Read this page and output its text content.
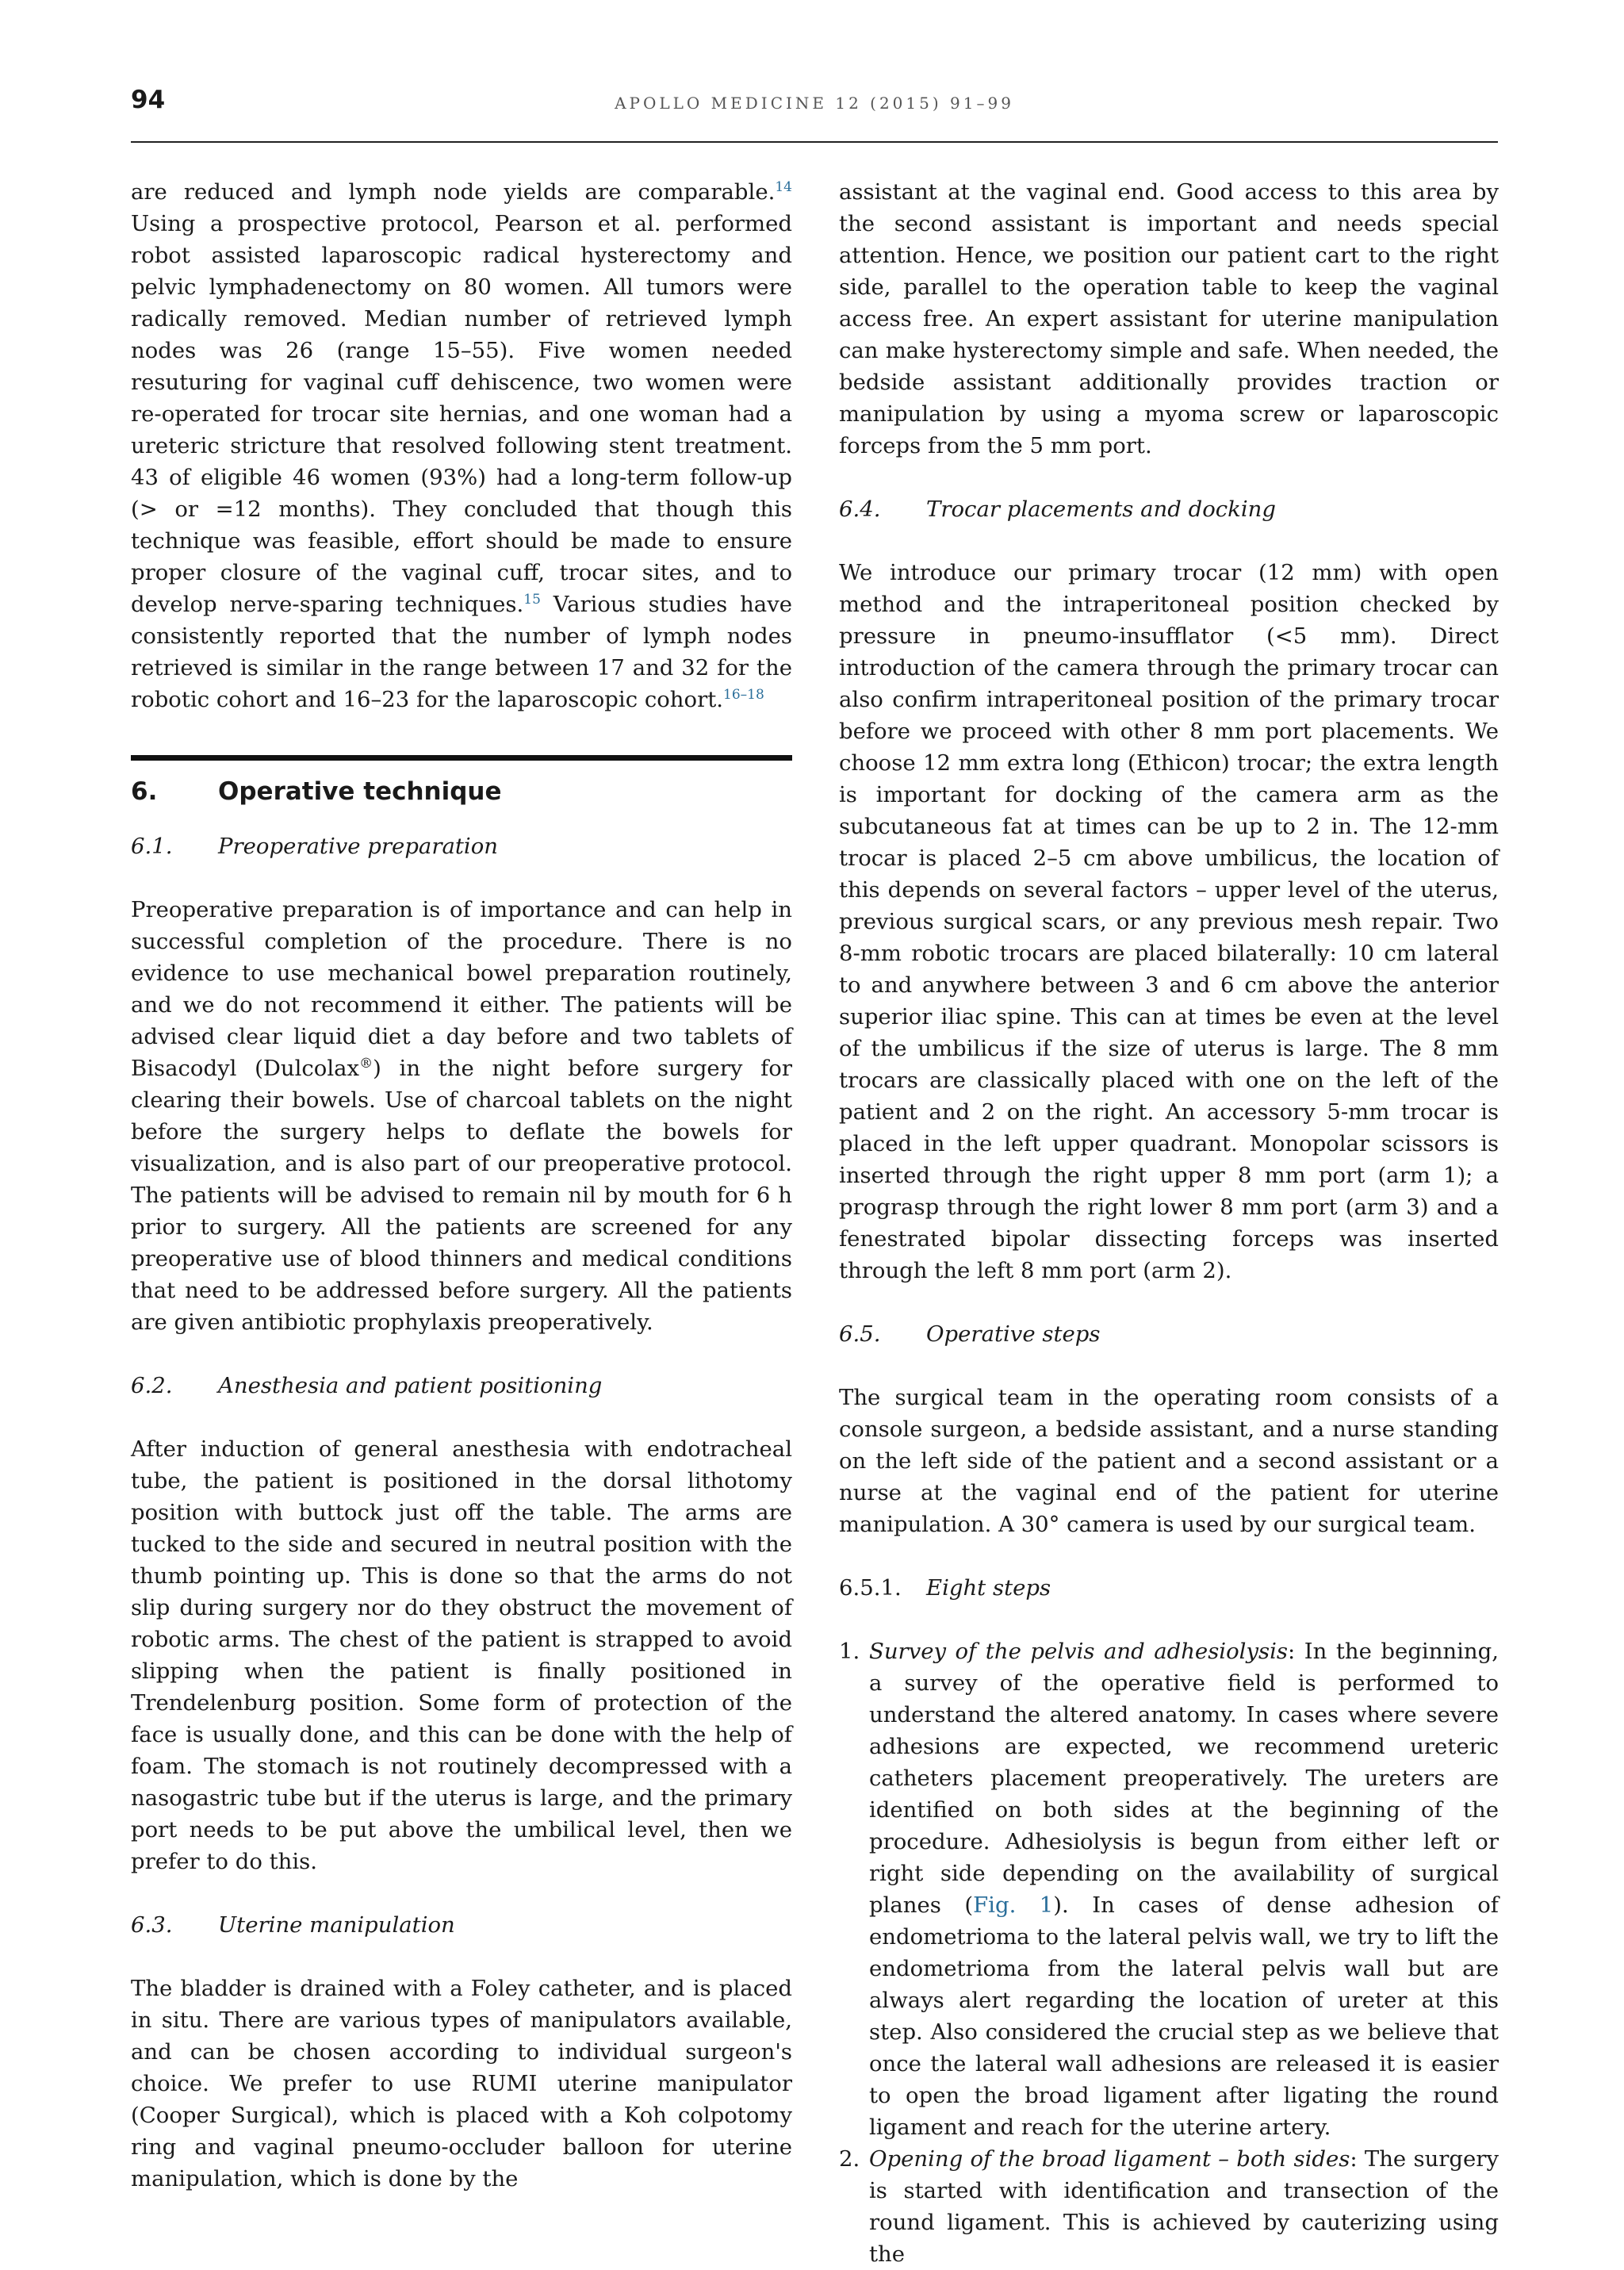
94	APOLLO MEDICINE 12 (2015) 91–99

are reduced and lymph node yields are comparable.$^{14}$ Using a prospective protocol, Pearson et al. performed robot assisted laparoscopic radical hysterectomy and pelvic lymphadenectomy on 80 women. All tumors were radically removed. Median number of retrieved lymph nodes was 26 (range 15–55). Five women needed resuturing for vaginal cuff dehiscence, two women were re-operated for trocar site hernias, and one woman had a ureteric stricture that resolved following stent treatment. 43 of eligible 46 women (93%) had a long-term follow-up (> or =12 months). They concluded that though this technique was feasible, effort should be made to ensure proper closure of the vaginal cuff, trocar sites, and to develop nerve-sparing techniques.$^{15}$ Various studies have consistently reported that the number of lymph nodes retrieved is similar in the range between 17 and 32 for the robotic cohort and 16–23 for the laparoscopic cohort.$^{16-18}$

6. Operative technique
6.1. Preoperative preparation

Preoperative preparation is of importance and can help in successful completion of the procedure. There is no evidence to use mechanical bowel preparation routinely, and we do not recommend it either. The patients will be advised clear liquid diet a day before and two tablets of Bisacodyl (Dulcolax®) in the night before surgery for clearing their bowels. Use of charcoal tablets on the night before the surgery helps to deflate the bowels for visualization, and is also part of our preoperative protocol. The patients will be advised to remain nil by mouth for 6 h prior to surgery. All the patients are screened for any preoperative use of blood thinners and medical conditions that need to be addressed before surgery. All the patients are given antibiotic prophylaxis preoperatively.

6.2. Anesthesia and patient positioning

After induction of general anesthesia with endotracheal tube, the patient is positioned in the dorsal lithotomy position with buttock just off the table. The arms are tucked to the side and secured in neutral position with the thumb pointing up. This is done so that the arms do not slip during surgery nor do they obstruct the movement of robotic arms. The chest of the patient is strapped to avoid slipping when the patient is finally positioned in Trendelenburg position. Some form of protection of the face is usually done, and this can be done with the help of foam. The stomach is not routinely decompressed with a nasogastric tube but if the uterus is large, and the primary port needs to be put above the umbilical level, then we prefer to do this.

6.3. Uterine manipulation

The bladder is drained with a Foley catheter, and is placed in situ. There are various types of manipulators available, and can be chosen according to individual surgeon's choice. We prefer to use RUMI uterine manipulator (Cooper Surgical), which is placed with a Koh colpotomy ring and vaginal pneumo-occluder balloon for uterine manipulation, which is done by the

assistant at the vaginal end. Good access to this area by the second assistant is important and needs special attention. Hence, we position our patient cart to the right side, parallel to the operation table to keep the vaginal access free. An expert assistant for uterine manipulation can make hysterectomy simple and safe. When needed, the bedside assistant additionally provides traction or manipulation by using a myoma screw or laparoscopic forceps from the 5 mm port.

6.4. Trocar placements and docking

We introduce our primary trocar (12 mm) with open method and the intraperitoneal position checked by pressure in pneumo-insufflator (<5 mm). Direct introduction of the camera through the primary trocar can also confirm intraperitoneal position of the primary trocar before we proceed with other 8 mm port placements. We choose 12 mm extra long (Ethicon) trocar; the extra length is important for docking of the camera arm as the subcutaneous fat at times can be up to 2 in. The 12-mm trocar is placed 2–5 cm above umbilicus, the location of this depends on several factors – upper level of the uterus, previous surgical scars, or any previous mesh repair. Two 8-mm robotic trocars are placed bilaterally: 10 cm lateral to and anywhere between 3 and 6 cm above the anterior superior iliac spine. This can at times be even at the level of the umbilicus if the size of uterus is large. The 8 mm trocars are classically placed with one on the left of the patient and 2 on the right. An accessory 5-mm trocar is placed in the left upper quadrant. Monopolar scissors is inserted through the right upper 8 mm port (arm 1); a prograsp through the right lower 8 mm port (arm 3) and a fenestrated bipolar dissecting forceps was inserted through the left 8 mm port (arm 2).

6.5. Operative steps

The surgical team in the operating room consists of a console surgeon, a bedside assistant, and a nurse standing on the left side of the patient and a second assistant or a nurse at the vaginal end of the patient for uterine manipulation. A 30° camera is used by our surgical team.

6.5.1. Eight steps
1. Survey of the pelvis and adhesiolysis: In the beginning, a survey of the operative field is performed to understand the altered anatomy. In cases where severe adhesions are expected, we recommend ureteric catheters placement preoperatively. The ureters are identified on both sides at the beginning of the procedure. Adhesiolysis is begun from either left or right side depending on the availability of surgical planes (Fig. 1). In cases of dense adhesion of endometrioma to the lateral pelvis wall, we try to lift the endometrioma from the lateral pelvis wall but are always alert regarding the location of ureter at this step. Also considered the crucial step as we believe that once the lateral wall adhesions are released it is easier to open the broad ligament after ligating the round ligament and reach for the uterine artery.
2. Opening of the broad ligament – both sides: The surgery is started with identification and transection of the round ligament. This is achieved by cauterizing using the
